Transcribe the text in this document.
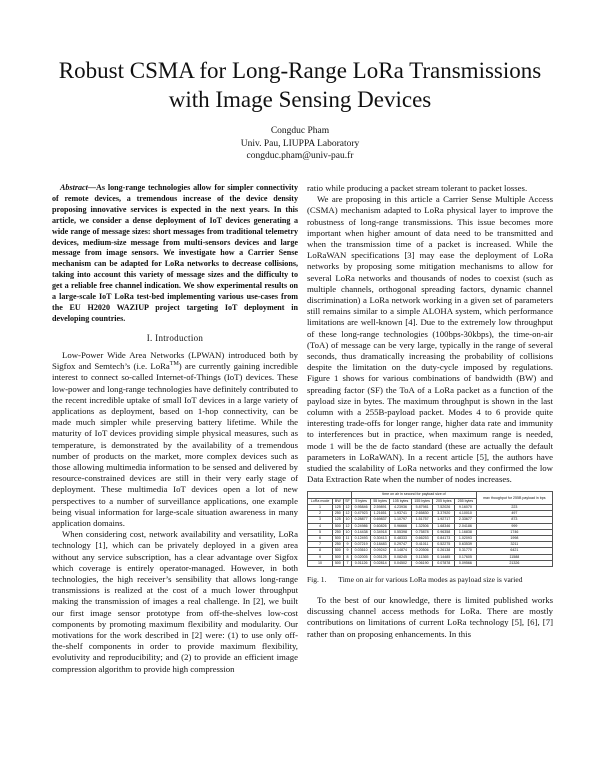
Robust CSMA for Long-Range LoRa Transmissions
with Image Sensing Devices
Congduc Pham
Univ. Pau, LIUPPA Laboratory
congduc.pham@univ-pau.fr

Abstract—As long-range technologies allow for simpler connectivity of remote devices, a tremendous increase of the device density proposing innovative services is expected in the next years. In this article, we consider a dense deployment of IoT devices generating a wide range of message sizes: short messages from traditional telemetry devices, medium-size message from multi-sensors devices and large message from image sensors. We investigate how a Carrier Sense mechanism can be adapted for LoRa networks to decrease collisions, taking into account this variety of message sizes and the difficulty to get a reliable free channel indication. We show experimental results on a large-scale IoT LoRa test-bed implementing various use-cases from the EU H2020 WAZIUP project targeting IoT deployment in developing countries.

I. Introduction

Low-Power Wide Area Networks (LPWAN) introduced both by Sigfox and Semtech’s (i.e. LoRa™) are currently gaining incredible interest to connect so-called Internet-of-Things (IoT) devices. These low-power and long-range technologies have definitely contributed to the recent incredible uptake of small IoT devices in a large variety of applications as deployment, based on 1-hop connectivity, can be made much simpler while preserving battery lifetime. While the maturity of IoT devices providing simple physical measures, such as temperature, is demonstrated by the availability of a tremendous number of products on the market, more complex devices such as those allowing multimedia information to be sensed and delivered by resource-constrained devices are still in their very early stage of deployment. These multimedia IoT devices open a lot of new perspectives to a number of surveillance applications, one example being visual information for large-scale situation awareness in many application domains.

When considering cost, network availability and versatility, LoRa technology [1], which can be privately deployed in a given area without any service subscription, has a clear advantage over Sigfox which coverage is entirely operator-managed. However, in both technologies, the high receiver’s sensibility that allows long-range transmissions is realized at the cost of a much lower throughput making the transmission of images a real challenge. In [2], we built our first image sensor prototype from off-the-shelves low-cost components by promoting maximum flexibility and modularity. Our motivations for the work described in [2] were: (1) to use only off-the-shelf components in order to provide maximum flexibility, evolutivity and reproducibility; and (2) to provide an efficient image compression algorithm to provide high compression

ratio while producing a packet stream tolerant to packet losses.

We are proposing in this article a Carrier Sense Multiple Access (CSMA) mechanism adapted to LoRa physical layer to improve the robustness of long-range transmissions. This issue becomes more important when higher amount of data need to be transmitted and when the transmission time of a packet is increased. While the LoRaWAN specifications [3] may ease the deployment of LoRa networks by proposing some mitigation mechanisms to allow for several LoRa networks and thousands of nodes to coexist (such as multiple channels, orthogonal spreading factors, dynamic channel discrimination) a LoRa network working in a given set of parameters still remains similar to a simple ALOHA system, which performance limitations are well-known [4]. Due to the extremely low throughput of these long-range technologies (100bps-30kbps), the time-on-air (ToA) of message can be very large, typically in the range of several seconds, thus dramatically increasing the probability of collisions despite the limitation on the duty-cycle imposed by regulations. Figure 1 shows for various combinations of bandwidth (BW) and spreading factor (SF) the ToA of a LoRa packet as a function of the payload size in bytes. The maximum throughput is shown in the last column with a 255B-payload packet. Modes 4 to 6 provide quite interesting trade-offs for longer range, higher data rate and immunity to interferences but in practice, when maximum range is needed, mode 1 will be the de facto standard (these are actually the default parameters in LoRaWAN). In a recent article [5], the authors have studied the scalability of LoRa networks and they confirmed the low Data Extraction Rate when the number of nodes increases.

			time on air in second for payload size of						max thoughput for 255B payload in bps
LoRa mode	BW	SF	5 bytes	55 bytes	105 bytes	155 bytes	205 bytes	255 bytes	
1	125	12	0.95846	2.59891	4.23936	5.87981	7.52026	9.16070	223
2	250	12	0.47923	1.21651	1.93741	2.65830	3.37920	4.10010	497
3	125	10	0.28877	0.69837	1.10797	1.51757	1.92717	2.33677	873
4	500	12	0.24986	0.60826	0.96666	1.32506	1.68346	2.04186	999
5	250	10	0.14438	0.34918	0.55398	0.75878	0.96358	1.16838	1746
6	500	11	0.12493	0.30413	0.48333	0.66253	0.84173	1.02093	1998
7	250	9	0.07219	0.18483	0.29747	0.41011	0.52275	0.63539	3211
8	500	9	0.03610	0.09242	0.14874	0.20506	0.26138	0.31770	6421
9	500	8	0.02005	0.05125	0.08245	0.11365	0.14485	0.17605	11588
10	500	7	0.01126	0.02814	0.04502	0.06190	0.07878	0.09566	21326

Fig. 1. Time on air for various LoRa modes as payload size is varied

To the best of our knowledge, there is limited published works discussing channel access methods for LoRa. There are mostly contributions on limitations of current LoRa technology [5], [6], [7] rather than on proposing enhancements. In this
